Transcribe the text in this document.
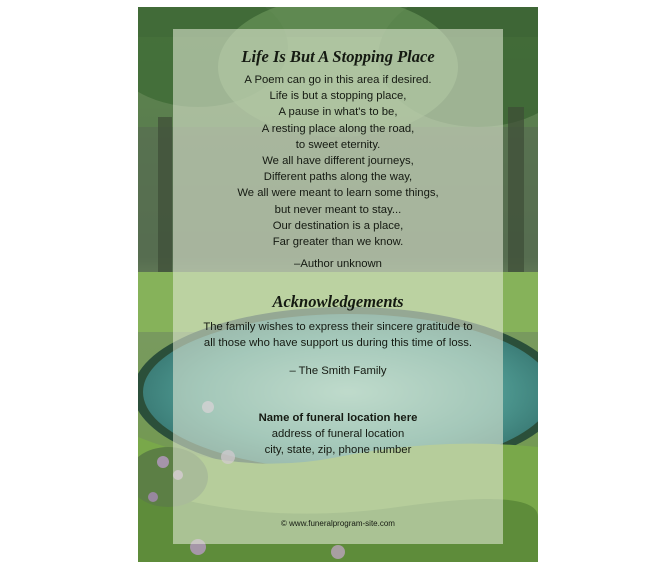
Life Is But A Stopping Place
A Poem can go in this area if desired.
Life is but a stopping place,
A pause in what's to be,
A resting place along the road,
to sweet eternity.
We all have different journeys,
Different paths along the way,
We all were meant to learn some things,
but never meant to stay...
Our destination is a place,
Far greater than we know.
–Author unknown
Acknowledgements
The family wishes to express their sincere gratitude to
all those who have support us during this time of loss.
– The Smith Family
Name of funeral location here
address of funeral location
city, state, zip, phone number
© www.funeralprogram-site.com
